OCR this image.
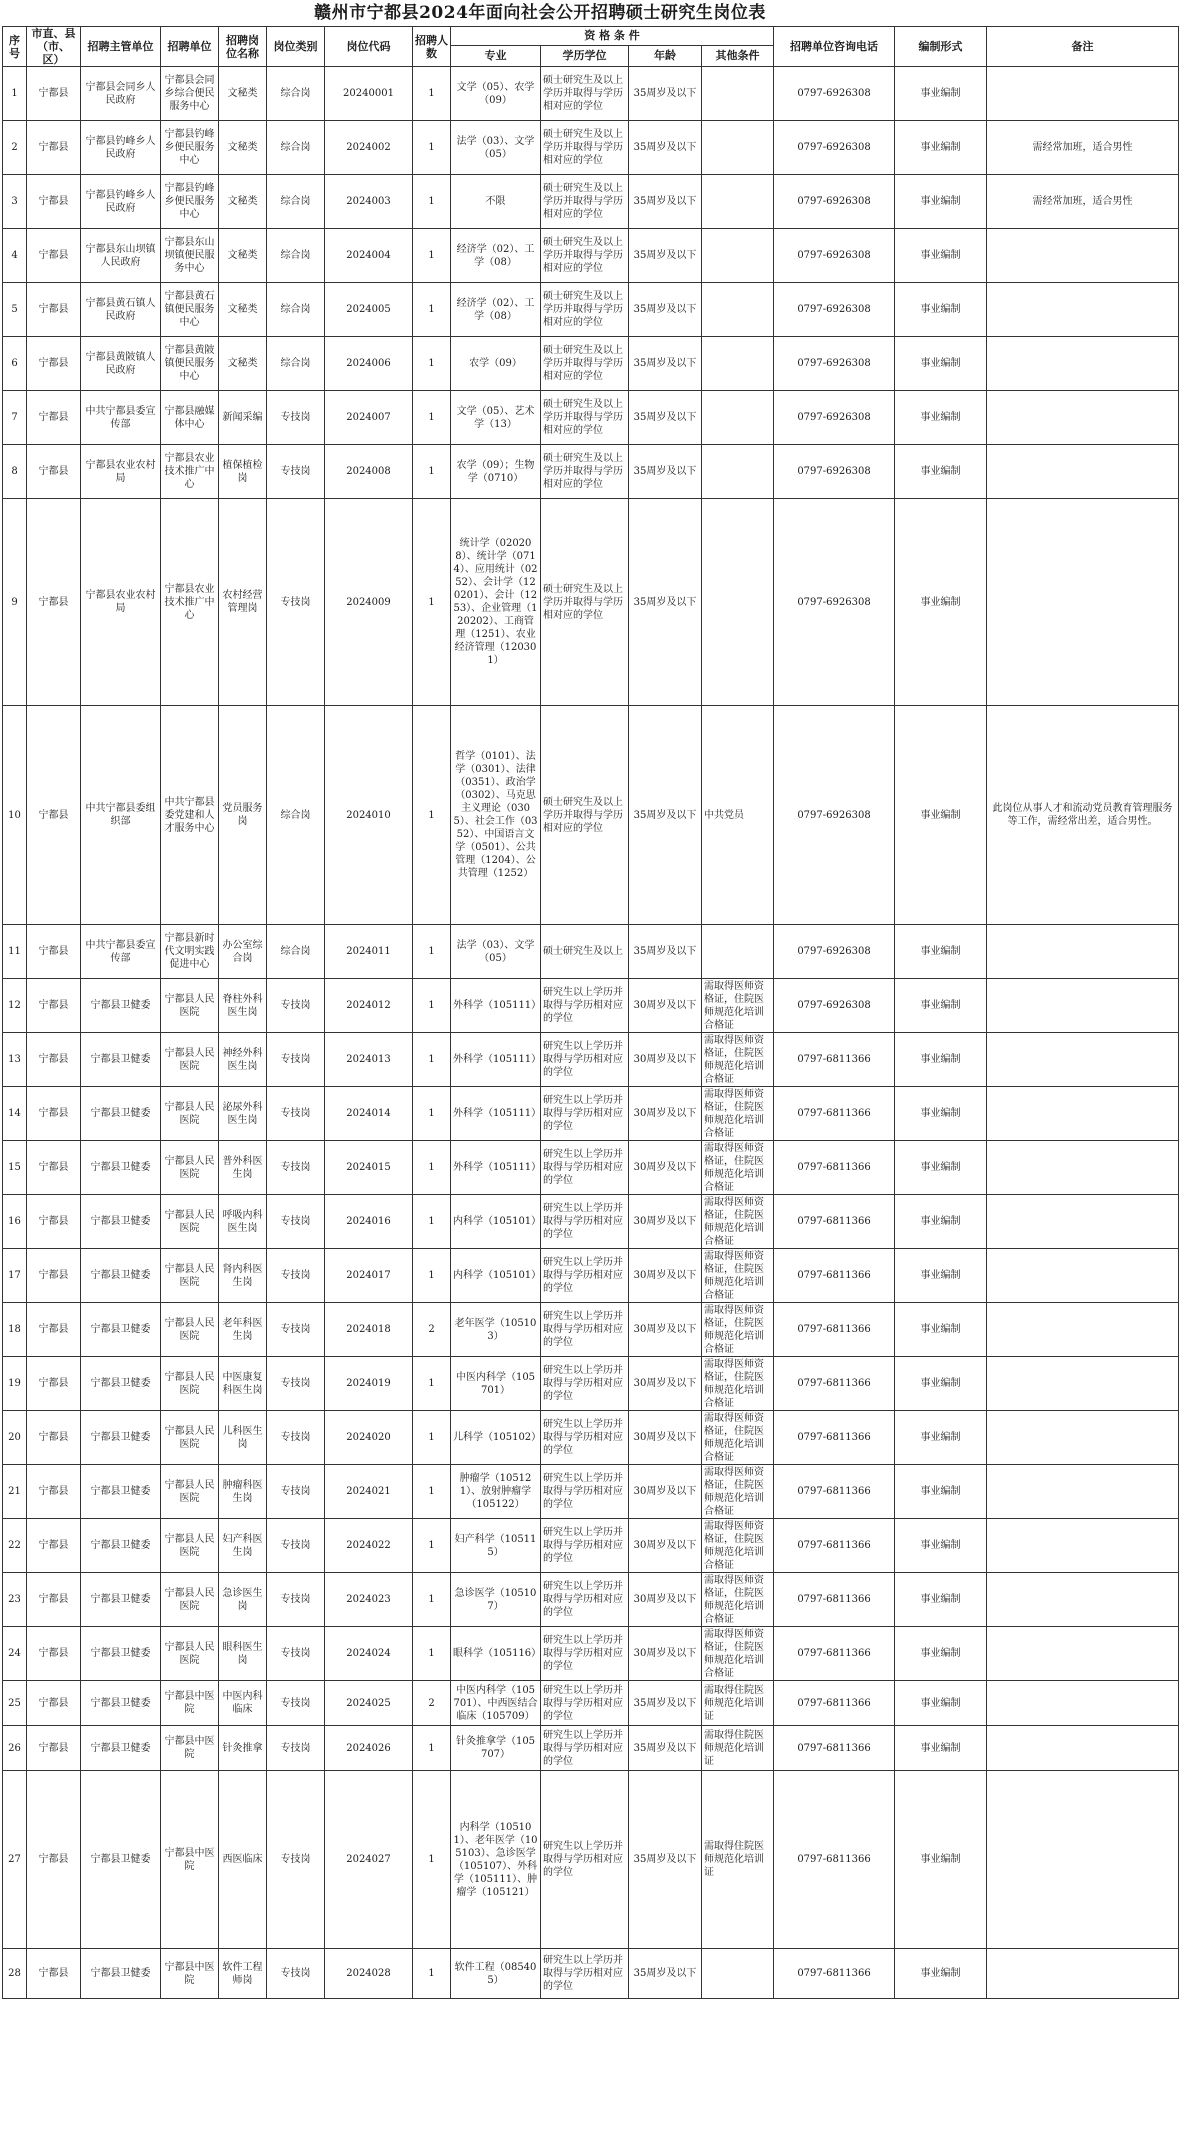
赣州市宁都县2024年面向社会公开招聘硕士研究生岗位表
序号	市直、县（市、区）	招聘主管单位	招聘单位	招聘岗位名称	岗位类别	岗位代码	招聘人数	资 格 条 件				招聘单位咨询电话	编制形式	备注
								专业	学历学位	年龄	其他条件			
1	宁都县	宁都县会同乡人民政府	宁都县会同乡综合便民服务中心	文秘类	综合岗	20240001	1	文学（05）、农学（09）	硕士研究生及以上学历并取得与学历相对应的学位	35周岁及以下		0797-6926308	事业编制	
2	宁都县	宁都县钓峰乡人民政府	宁都县钓峰乡便民服务中心	文秘类	综合岗	2024002	1	法学（03）、文学（05）	硕士研究生及以上学历并取得与学历相对应的学位	35周岁及以下		0797-6926308	事业编制	需经常加班，适合男性
3	宁都县	宁都县钓峰乡人民政府	宁都县钓峰乡便民服务中心	文秘类	综合岗	2024003	1	不限	硕士研究生及以上学历并取得与学历相对应的学位	35周岁及以下		0797-6926308	事业编制	需经常加班，适合男性
4	宁都县	宁都县东山坝镇人民政府	宁都县东山坝镇便民服务中心	文秘类	综合岗	2024004	1	经济学（02）、工学（08）	硕士研究生及以上学历并取得与学历相对应的学位	35周岁及以下		0797-6926308	事业编制	
5	宁都县	宁都县黄石镇人民政府	宁都县黄石镇便民服务中心	文秘类	综合岗	2024005	1	经济学（02）、工学（08）	硕士研究生及以上学历并取得与学历相对应的学位	35周岁及以下		0797-6926308	事业编制	
6	宁都县	宁都县黄陂镇人民政府	宁都县黄陂镇便民服务中心	文秘类	综合岗	2024006	1	农学（09）	硕士研究生及以上学历并取得与学历相对应的学位	35周岁及以下		0797-6926308	事业编制	
7	宁都县	中共宁都县委宣传部	宁都县融媒体中心	新闻采编	专技岗	2024007	1	文学（05）、艺术学（13）	硕士研究生及以上学历并取得与学历相对应的学位	35周岁及以下		0797-6926308	事业编制	
8	宁都县	宁都县农业农村局	宁都县农业技术推广中心	植保植检岗	专技岗	2024008	1	农学（09）；生物学（0710）	硕士研究生及以上学历并取得与学历相对应的学位	35周岁及以下		0797-6926308	事业编制	
9	宁都县	宁都县农业农村局	宁都县农业技术推广中心	农村经营管理岗	专技岗	2024009	1	统计学（020208）、统计学（0714）、应用统计（0252）、会计学（120201）、会计（1253）、企业管理（120202）、工商管理（1251）、农业经济管理（120301）	硕士研究生及以上学历并取得与学历相对应的学位	35周岁及以下		0797-6926308	事业编制	
10	宁都县	中共宁都县委组织部	中共宁都县委党建和人才服务中心	党员服务岗	综合岗	2024010	1	哲学（0101）、法学（0301）、法律（0351）、政治学（0302）、马克思主义理论（0305）、社会工作（0352）、中国语言文学（0501）、公共管理（1204）、公共管理（1252）	硕士研究生及以上学历并取得与学历相对应的学位	35周岁及以下	中共党员	0797-6926308	事业编制	此岗位从事人才和流动党员教育管理服务等工作，需经常出差，适合男性。
11	宁都县	中共宁都县委宣传部	宁都县新时代文明实践促进中心	办公室综合岗	综合岗	2024011	1	法学（03）、文学（05）	硕士研究生及以上	35周岁及以下		0797-6926308	事业编制	
12	宁都县	宁都县卫健委	宁都县人民医院	脊柱外科医生岗	专技岗	2024012	1	外科学（105111）	研究生以上学历并取得与学历相对应的学位	30周岁及以下	需取得医师资格证，住院医师规范化培训合格证	0797-6926308	事业编制	
13	宁都县	宁都县卫健委	宁都县人民医院	神经外科医生岗	专技岗	2024013	1	外科学（105111）	研究生以上学历并取得与学历相对应的学位	30周岁及以下	需取得医师资格证，住院医师规范化培训合格证	0797-6811366	事业编制	
14	宁都县	宁都县卫健委	宁都县人民医院	泌尿外科医生岗	专技岗	2024014	1	外科学（105111）	研究生以上学历并取得与学历相对应的学位	30周岁及以下	需取得医师资格证，住院医师规范化培训合格证	0797-6811366	事业编制	
15	宁都县	宁都县卫健委	宁都县人民医院	普外科医生岗	专技岗	2024015	1	外科学（105111）	研究生以上学历并取得与学历相对应的学位	30周岁及以下	需取得医师资格证，住院医师规范化培训合格证	0797-6811366	事业编制	
16	宁都县	宁都县卫健委	宁都县人民医院	呼吸内科医生岗	专技岗	2024016	1	内科学（105101）	研究生以上学历并取得与学历相对应的学位	30周岁及以下	需取得医师资格证，住院医师规范化培训合格证	0797-6811366	事业编制	
17	宁都县	宁都县卫健委	宁都县人民医院	肾内科医生岗	专技岗	2024017	1	内科学（105101）	研究生以上学历并取得与学历相对应的学位	30周岁及以下	需取得医师资格证，住院医师规范化培训合格证	0797-6811366	事业编制	
18	宁都县	宁都县卫健委	宁都县人民医院	老年科医生岗	专技岗	2024018	2	老年医学（105103）	研究生以上学历并取得与学历相对应的学位	30周岁及以下	需取得医师资格证，住院医师规范化培训合格证	0797-6811366	事业编制	
19	宁都县	宁都县卫健委	宁都县人民医院	中医康复科医生岗	专技岗	2024019	1	中医内科学（105701）	研究生以上学历并取得与学历相对应的学位	30周岁及以下	需取得医师资格证，住院医师规范化培训合格证	0797-6811366	事业编制	
20	宁都县	宁都县卫健委	宁都县人民医院	儿科医生岗	专技岗	2024020	1	儿科学（105102）	研究生以上学历并取得与学历相对应的学位	30周岁及以下	需取得医师资格证，住院医师规范化培训合格证	0797-6811366	事业编制	
21	宁都县	宁都县卫健委	宁都县人民医院	肿瘤科医生岗	专技岗	2024021	1	肿瘤学（105121）、放射肿瘤学（105122）	研究生以上学历并取得与学历相对应的学位	30周岁及以下	需取得医师资格证，住院医师规范化培训合格证	0797-6811366	事业编制	
22	宁都县	宁都县卫健委	宁都县人民医院	妇产科医生岗	专技岗	2024022	1	妇产科学（105115）	研究生以上学历并取得与学历相对应的学位	30周岁及以下	需取得医师资格证，住院医师规范化培训合格证	0797-6811366	事业编制	
23	宁都县	宁都县卫健委	宁都县人民医院	急诊医生岗	专技岗	2024023	1	急诊医学（105107）	研究生以上学历并取得与学历相对应的学位	30周岁及以下	需取得医师资格证，住院医师规范化培训合格证	0797-6811366	事业编制	
24	宁都县	宁都县卫健委	宁都县人民医院	眼科医生岗	专技岗	2024024	1	眼科学（105116）	研究生以上学历并取得与学历相对应的学位	30周岁及以下	需取得医师资格证，住院医师规范化培训合格证	0797-6811366	事业编制	
25	宁都县	宁都县卫健委	宁都县中医院	中医内科临床	专技岗	2024025	2	中医内科学（105701）、中西医结合临床（105709）	研究生以上学历并取得与学历相对应的学位	35周岁及以下	需取得住院医师规范化培训证	0797-6811366	事业编制	
26	宁都县	宁都县卫健委	宁都县中医院	针灸推拿	专技岗	2024026	1	针灸推拿学（105707）	研究生以上学历并取得与学历相对应的学位	35周岁及以下	需取得住院医师规范化培训证	0797-6811366	事业编制	
27	宁都县	宁都县卫健委	宁都县中医院	西医临床	专技岗	2024027	1	内科学（105101）、老年医学（105103）、急诊医学（105107）、外科学（105111）、肿瘤学（105121）	研究生以上学历并取得与学历相对应的学位	35周岁及以下	需取得住院医师规范化培训证	0797-6811366	事业编制	
28	宁都县	宁都县卫健委	宁都县中医院	软件工程师岗	专技岗	2024028	1	软件工程（085405）	研究生以上学历并取得与学历相对应的学位	35周岁及以下		0797-6811366	事业编制	
